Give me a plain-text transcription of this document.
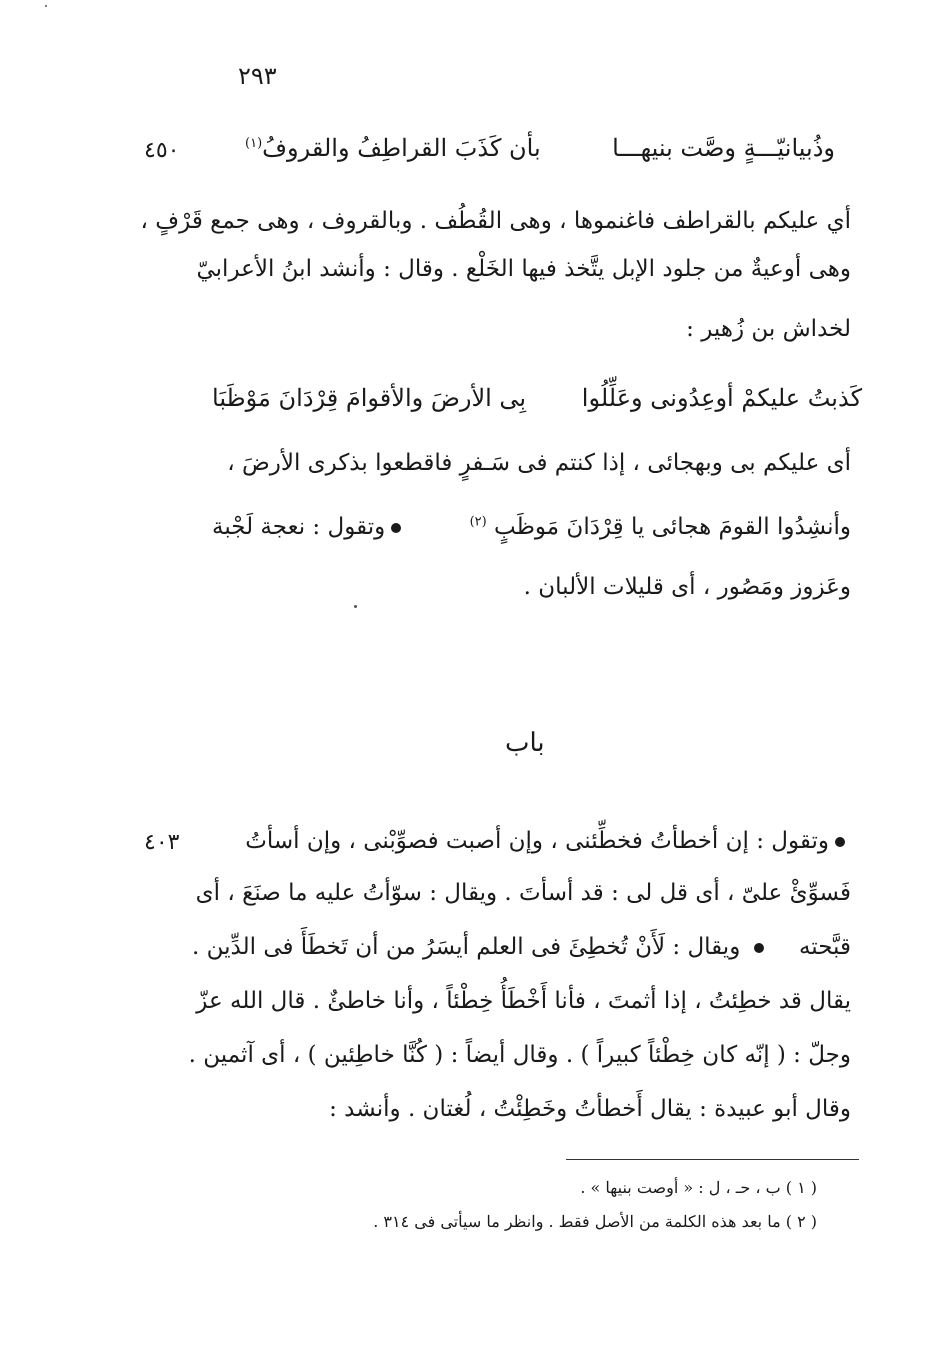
٢٩٣
٤٥٠	وذُبيانيّـــةٍ وصَّت بنيهـــا
بأن كَذَبَ القراطِفُ والقروفُ$^{(١)}$
أي عليكم بالقراطف فاغنموها ، وهى القُطُف . وبالقروف ، وهى جمع قَرْفٍ ،
وهى أوعيةٌ من جلود الإبل يتَّخذ فيها الخَلْع . وقال : وأنشد ابنُ الأعرابيّ
لخداش بن زُهير :
كَذبتُ عليكمْ أوعِدُونى وعَلِّلُوا
بِى الأرضَ والأقوامَ قِرْدَانَ مَوْظَبَا
أى عليكم بى وبهجائى ، إذا كنتم فى سَـفرٍ فاقطعوا بذكرى الأرضَ ،
وأنشِدُوا القومَ هجائى يا قِرْدَانَ مَوظَبٍ $^{(٢)}$
وتقول : نعجة لَجْبة
وعَزوز ومَصُور ، أى قليلات الألبان .
باب
٤٠٣	وتقول : إن أخطأتُ فخطِّئنى ، وإن أصبت فصوِّبْنى ، وإن أسأتُ
فَسوِّئْ علىّ ، أى قل لى : قد أسأتَ . ويقال : سوّأتُ عليه ما صنَعَ ، أى
قبَّحته  ويقال : لَأَنْ تُخطِئَ فى العلم أيسَرُ من أن تَخطَأَ فى الدِّين .
يقال قد خطِئتُ ، إذا أثمتَ ، فأنا أَخْطَأُ خِطْئاً ، وأنا خاطئٌ . قال الله عزّ
وجلّ : ( إنّه كان خِطْئاً كبيراً ) . وقال أيضاً : ( كُنَّا خاطِئين ) ، أى آثمين .
وقال أبو عبيدة : يقال أَخطأتُ وخَطِئْتُ ، لُغتان . وأنشد :
( ١ ) ب ، حـ ، ل : « أوصت بنيها » .
( ٢ ) ما بعد هذه الكلمة من الأصل فقط . وانظر ما سيأتى فى ٣١٤ .
